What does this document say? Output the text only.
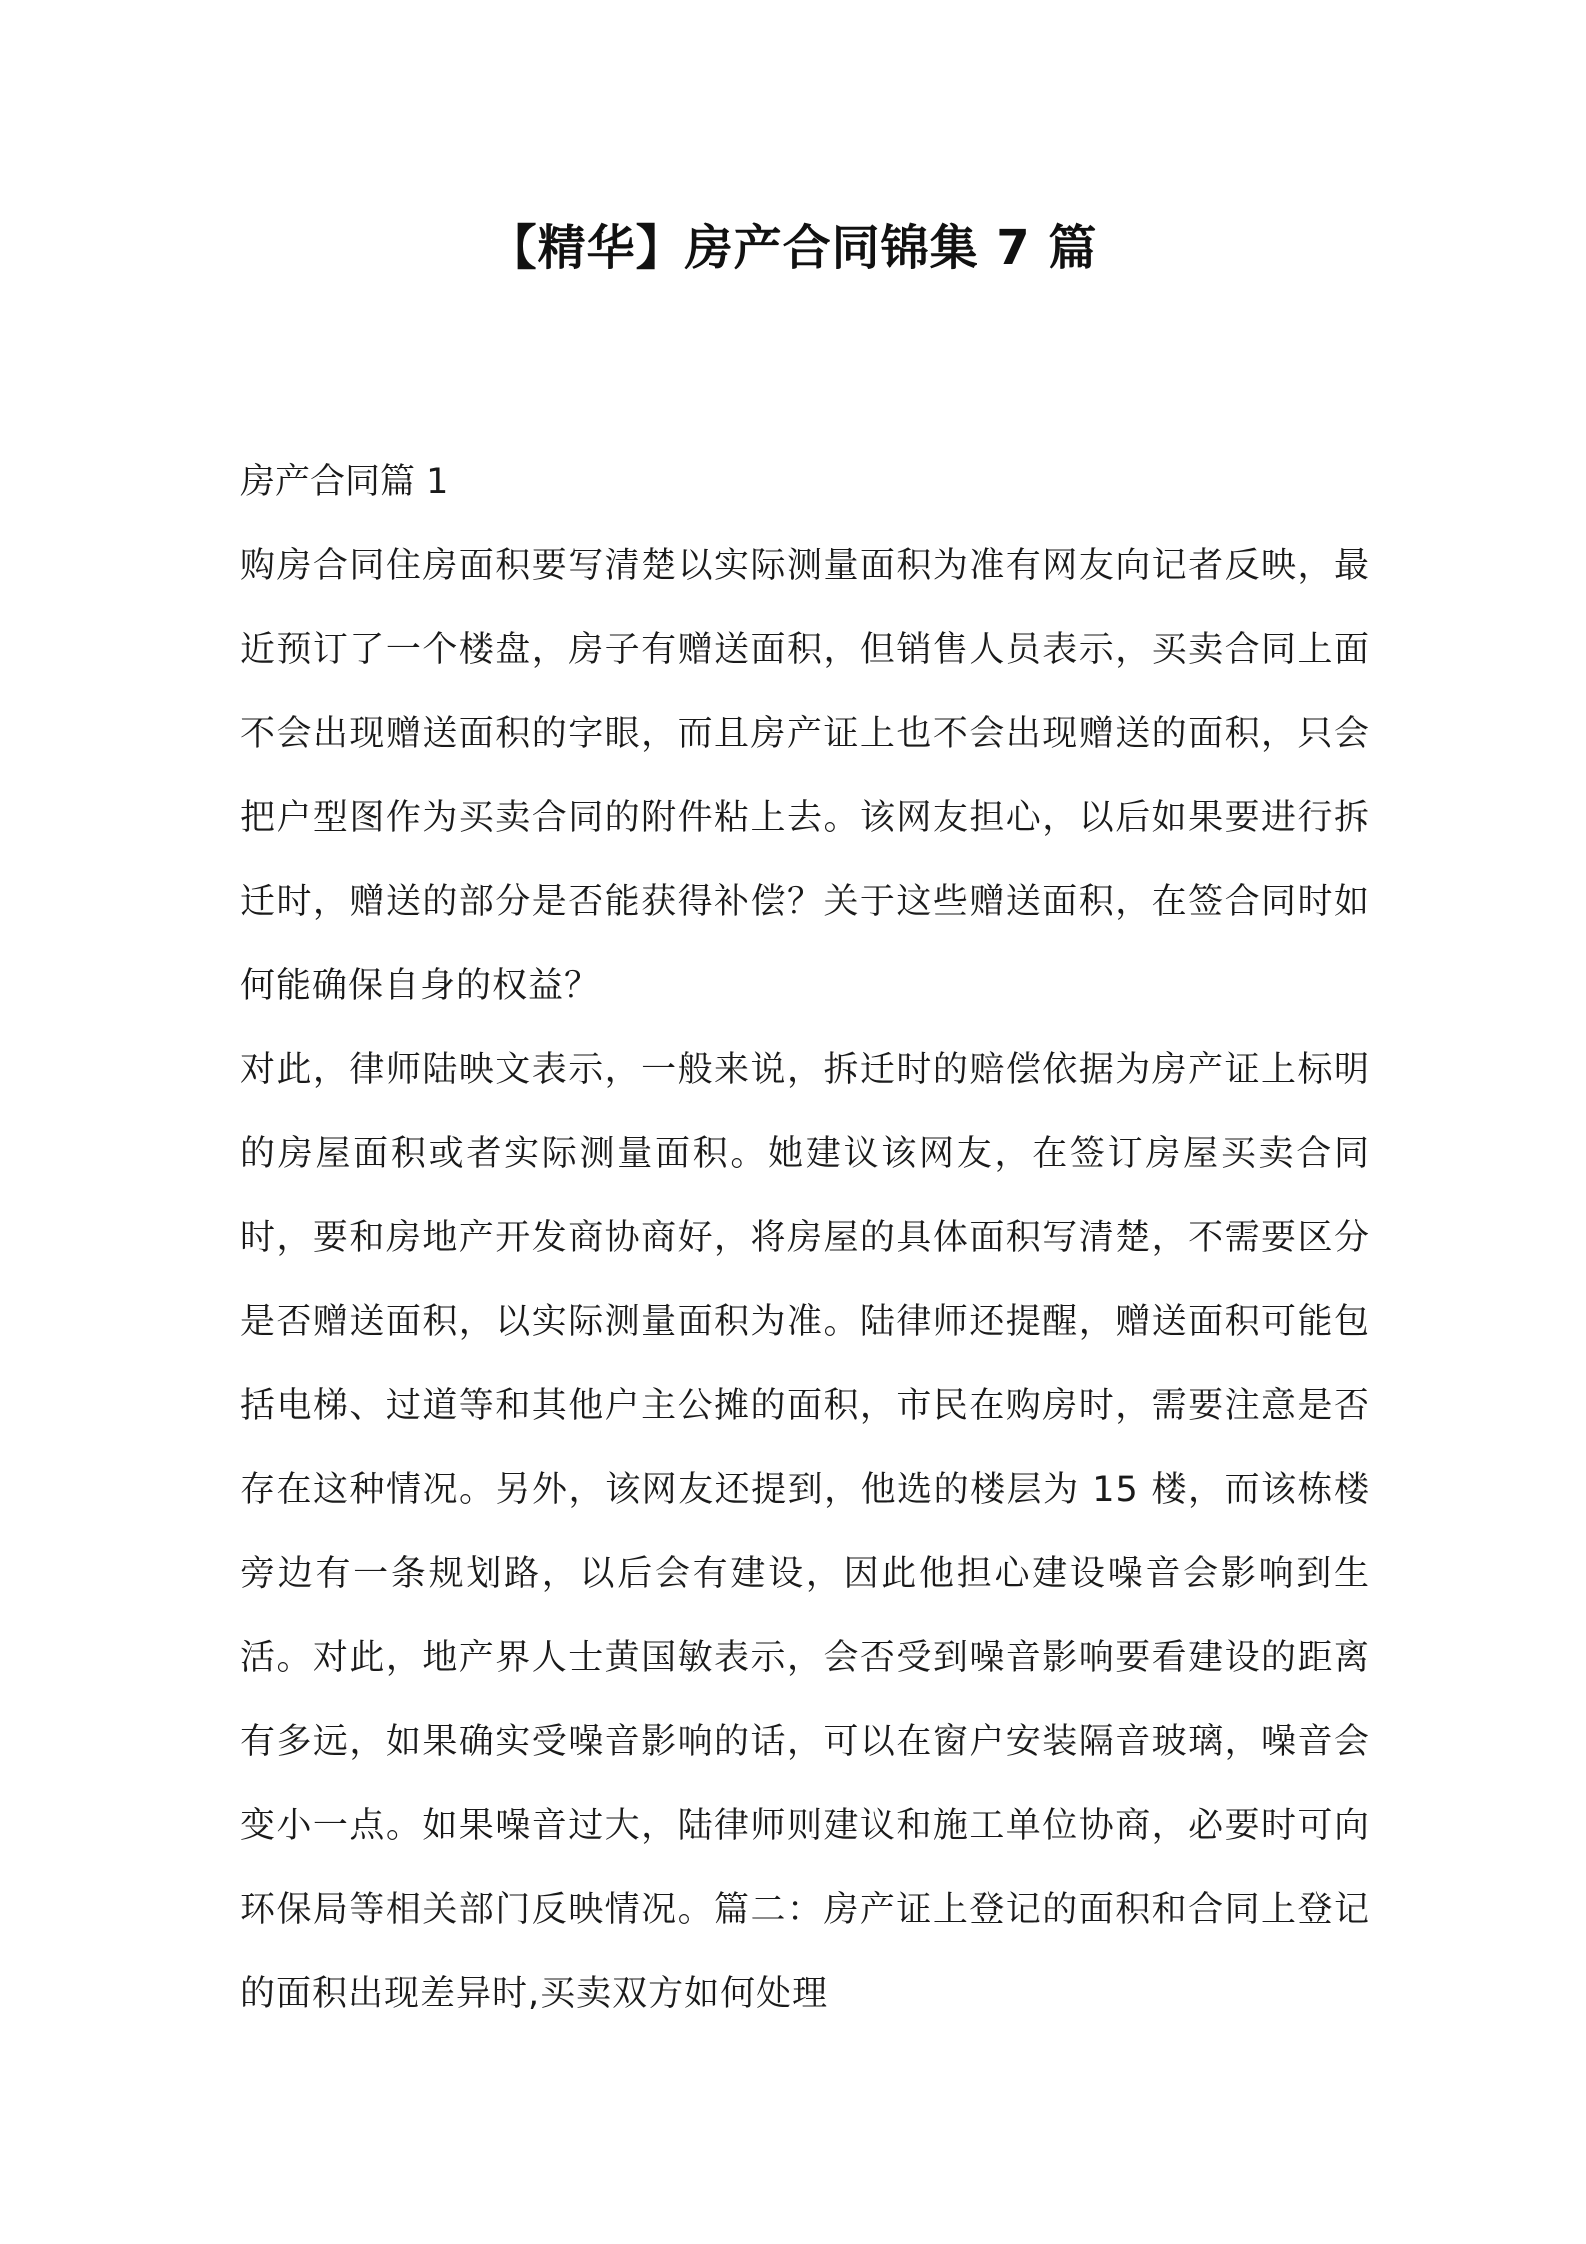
【精华】房产合同锦集 7 篇
房产合同篇 1

购房合同住房面积要写清楚以实际测量面积为准有网友向记者反映，最近预订了一个楼盘，房子有赠送面积，但销售人员表示，买卖合同上面不会出现赠送面积的字眼，而且房产证上也不会出现赠送的面积，只会把户型图作为买卖合同的附件粘上去。该网友担心，以后如果要进行拆迁时，赠送的部分是否能获得补偿？关于这些赠送面积，在签合同时如何能确保自身的权益？

对此，律师陆映文表示，一般来说，拆迁时的赔偿依据为房产证上标明的房屋面积或者实际测量面积。她建议该网友，在签订房屋买卖合同时，要和房地产开发商协商好，将房屋的具体面积写清楚，不需要区分是否赠送面积，以实际测量面积为准。陆律师还提醒，赠送面积可能包括电梯、过道等和其他户主公摊的面积，市民在购房时，需要注意是否存在这种情况。另外，该网友还提到，他选的楼层为 15 楼，而该栋楼旁边有一条规划路，以后会有建设，因此他担心建设噪音会影响到生活。对此，地产界人士黄国敏表示，会否受到噪音影响要看建设的距离有多远，如果确实受噪音影响的话，可以在窗户安装隔音玻璃，噪音会变小一点。如果噪音过大，陆律师则建议和施工单位协商，必要时可向环保局等相关部门反映情况。篇二：房产证上登记的面积和合同上登记的面积出现差异时,买卖双方如何处理
